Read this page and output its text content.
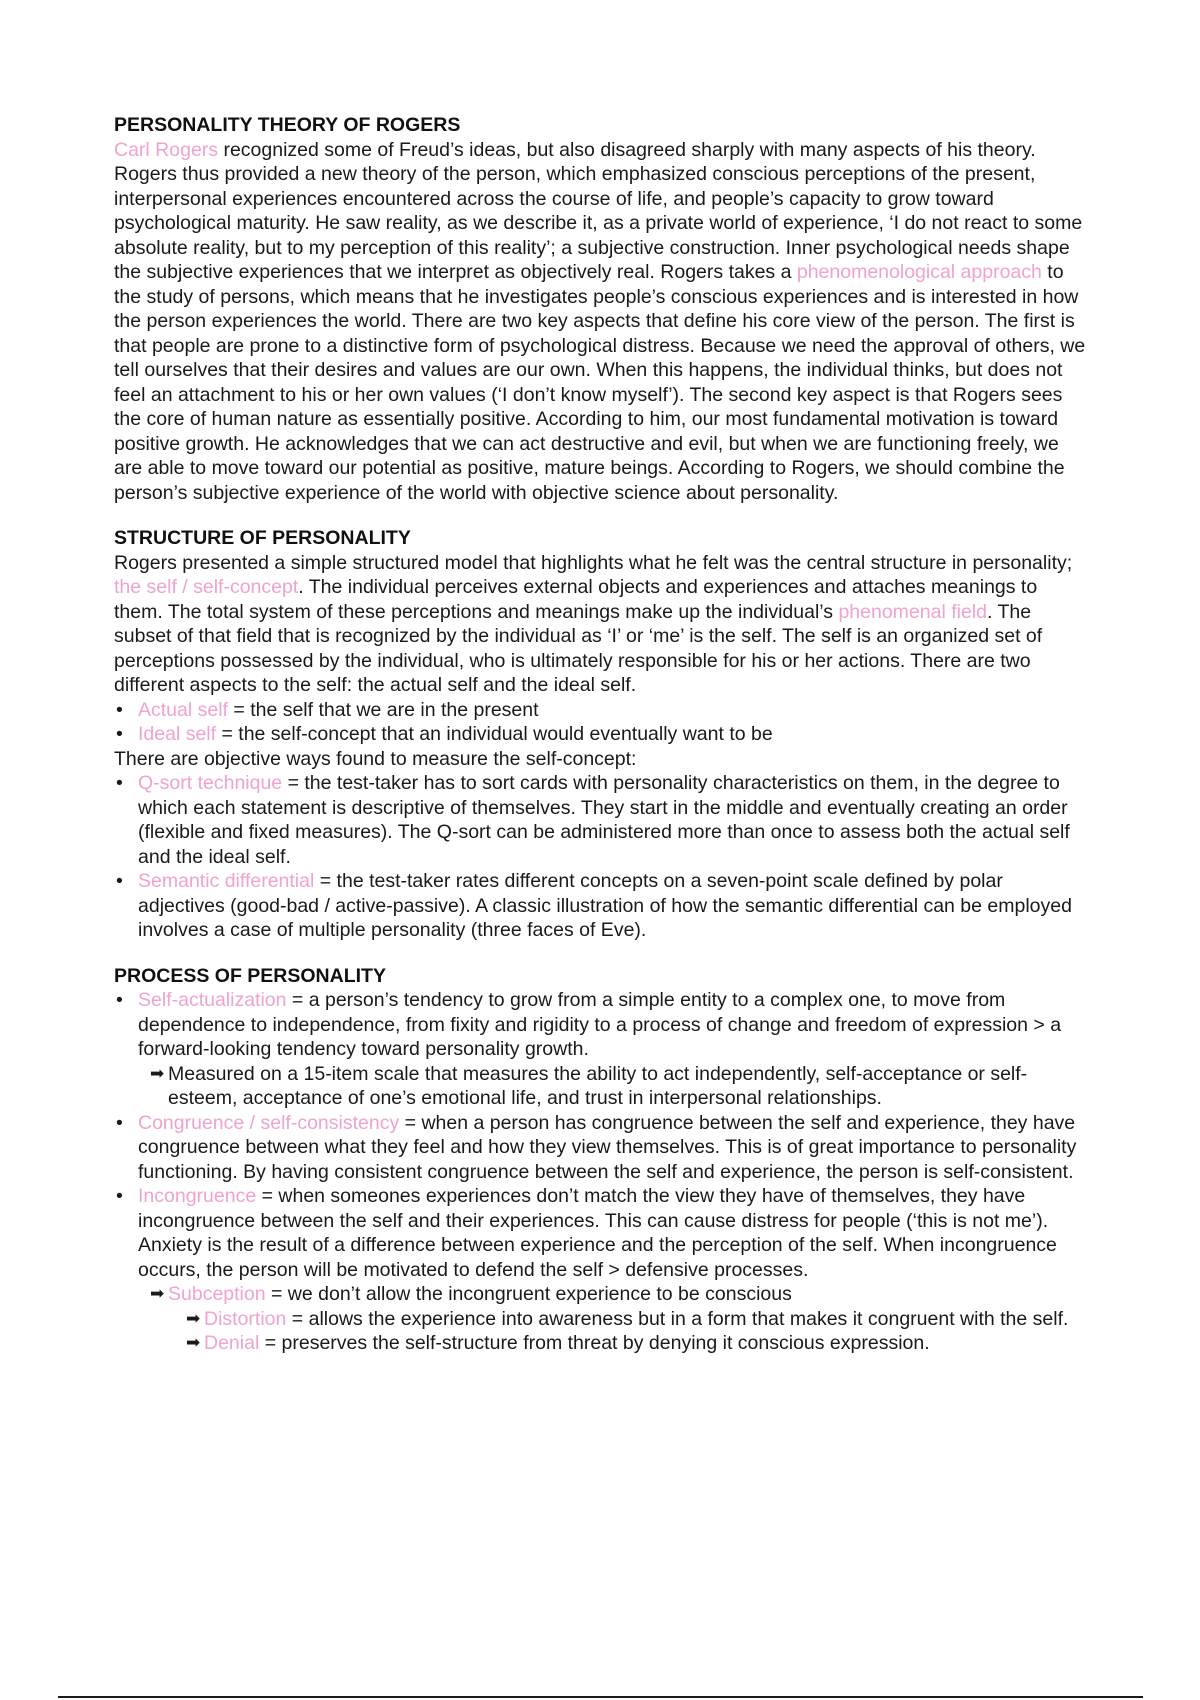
PERSONALITY THEORY OF ROGERS

Carl Rogers recognized some of Freud’s ideas, but also disagreed sharply with many aspects of his theory. Rogers thus provided a new theory of the person, which emphasized conscious perceptions of the present, interpersonal experiences encountered across the course of life, and people’s capacity to grow toward psychological maturity. He saw reality, as we describe it, as a private world of experience, ‘I do not react to some absolute reality, but to my perception of this reality’; a subjective construction. Inner psychological needs shape the subjective experiences that we interpret as objectively real. Rogers takes a phenomenological approach to the study of persons, which means that he investigates people’s conscious experiences and is interested in how the person experiences the world. There are two key aspects that define his core view of the person. The first is that people are prone to a distinctive form of psychological distress. Because we need the approval of others, we tell ourselves that their desires and values are our own. When this happens, the individual thinks, but does not feel an attachment to his or her own values (‘I don’t know myself’). The second key aspect is that Rogers sees the core of human nature as essentially positive. According to him, our most fundamental motivation is toward positive growth. He acknowledges that we can act destructive and evil, but when we are functioning freely, we are able to move toward our potential as positive, mature beings. According to Rogers, we should combine the person’s subjective experience of the world with objective science about personality.

STRUCTURE OF PERSONALITY

Rogers presented a simple structured model that highlights what he felt was the central structure in personality; the self / self-concept. The individual perceives external objects and experiences and attaches meanings to them. The total system of these perceptions and meanings make up the individual’s phenomenal field. The subset of that field that is recognized by the individual as ‘I’ or ‘me’ is the self. The self is an organized set of perceptions possessed by the individual, who is ultimately responsible for his or her actions. There are two different aspects to the self: the actual self and the ideal self.

• Actual self = the self that we are in the present
• Ideal self = the self-concept that an individual would eventually want to be

There are objective ways found to measure the self-concept:

• Q-sort technique = the test-taker has to sort cards with personality characteristics on them, in the degree to which each statement is descriptive of themselves. They start in the middle and eventually creating an order (flexible and fixed measures). The Q-sort can be administered more than once to assess both the actual self and the ideal self.
• Semantic differential = the test-taker rates different concepts on a seven-point scale defined by polar adjectives (good-bad / active-passive). A classic illustration of how the semantic differential can be employed involves a case of multiple personality (three faces of Eve).
PROCESS OF PERSONALITY
• Self-actualization = a person’s tendency to grow from a simple entity to a complex one, to move from dependence to independence, from fixity and rigidity to a process of change and freedom of expression > a forward-looking tendency toward personality growth.
➡ Measured on a 15-item scale that measures the ability to act independently, self-acceptance or self-esteem, acceptance of one’s emotional life, and trust in interpersonal relationships.
• Congruence / self-consistency = when a person has congruence between the self and experience, they have congruence between what they feel and how they view themselves. This is of great importance to personality functioning. By having consistent congruence between the self and experience, the person is self-consistent.
• Incongruence = when someones experiences don’t match the view they have of themselves, they have incongruence between the self and their experiences. This can cause distress for people (‘this is not me’). Anxiety is the result of a difference between experience and the perception of the self. When incongruence occurs, the person will be motivated to defend the self > defensive processes.
➡ Subception = we don’t allow the incongruent experience to be conscious
➡ Distortion = allows the experience into awareness but in a form that makes it congruent with the self.
➡ Denial = preserves the self-structure from threat by denying it conscious expression.
